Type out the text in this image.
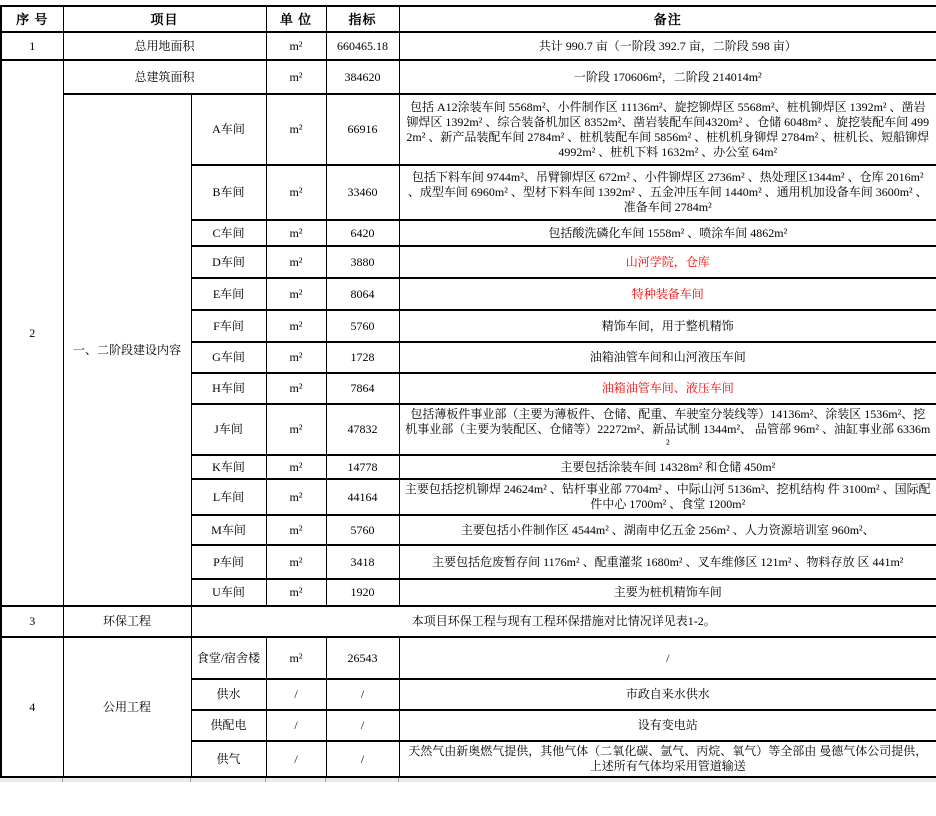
序 号	项目		单 位	指标	备注
1	总用地面积		m²	660465.18	共计 990.7 亩（一阶段 392.7 亩，二阶段 598 亩）
2	总建筑面积		m²	384620	一阶段 170606m²，二阶段 214014m²
	一、二阶段建设内容	A车间	m²	66916	包括 A12涂装车间 5568m²、小件制作区 11136m²、旋挖铆焊区 5568m²、桩机铆焊区 1392m² 、凿岩铆焊区 1392m² 、综合装备机加区 8352m²、凿岩装配车间4320m² 、仓储 6048m² 、旋挖装配车间 4992m² 、新产品装配车间 2784m² 、桩机装配车间 5856m² 、桩机机身铆焊 2784m² 、桩机长、短船铆焊 4992m² 、桩机下料 1632m² 、办公室 64m²
		B车间	m²	33460	包括下料车间 9744m²、吊臂铆焊区 672m² 、小件铆焊区 2736m² 、热处理区1344m² 、仓库 2016m² 、成型车间 6960m² 、型材下料车间 1392m² 、五金冲压车间 1440m² 、通用机加设备车间 3600m² 、准备车间 2784m²
		C车间	m²	6420	包括酸洗磷化车间 1558m² 、喷涂车间 4862m²
		D车间	m²	3880	山河学院，仓库
		E车间	m²	8064	特种装备车间
		F车间	m²	5760	精饰车间，用于整机精饰
		G车间	m²	1728	油箱油管车间和山河液压车间
		H车间	m²	7864	油箱油管车间、液压车间
		J车间	m²	47832	包括薄板件事业部（主要为薄板件、仓储、配重、车驶室分装线等）14136m²、涂装区 1536m²、挖机事业部（主要为装配区、仓储等）22272m²、新品试制 1344m²、 品管部 96m² 、油缸事业部 6336m²
		K车间	m²	14778	主要包括涂装车间 14328m² 和仓储 450m²
		L车间	m²	44164	主要包括挖机铆焊 24624m² 、钻杆事业部 7704m² 、中际山河 5136m²、挖机结构 件 3100m² 、国际配件中心 1700m² 、食堂 1200m²
		M车间	m²	5760	主要包括小件制作区 4544m² 、湖南申亿五金 256m² 、人力资源培训室 960m²、
		P车间	m²	3418	主要包括危废暂存间 1176m² 、配重灌浆 1680m² 、叉车维修区 121m² 、物料存放 区 441m²
		U车间	m²	1920	主要为桩机精饰车间
3	环保工程	本项目环保工程与现有工程环保措施对比情况详见表1-2。			
4	公用工程	食堂/宿舍楼	m²	26543	/
		供水	/	/	市政自来水供水
		供配电	/	/	设有变电站
		供气	/	/	天然气由新奥燃气提供，其他气体（二氧化碳、氩气、丙烷、氧气）等全部由 曼德气体公司提供，上述所有气体均采用管道输送
